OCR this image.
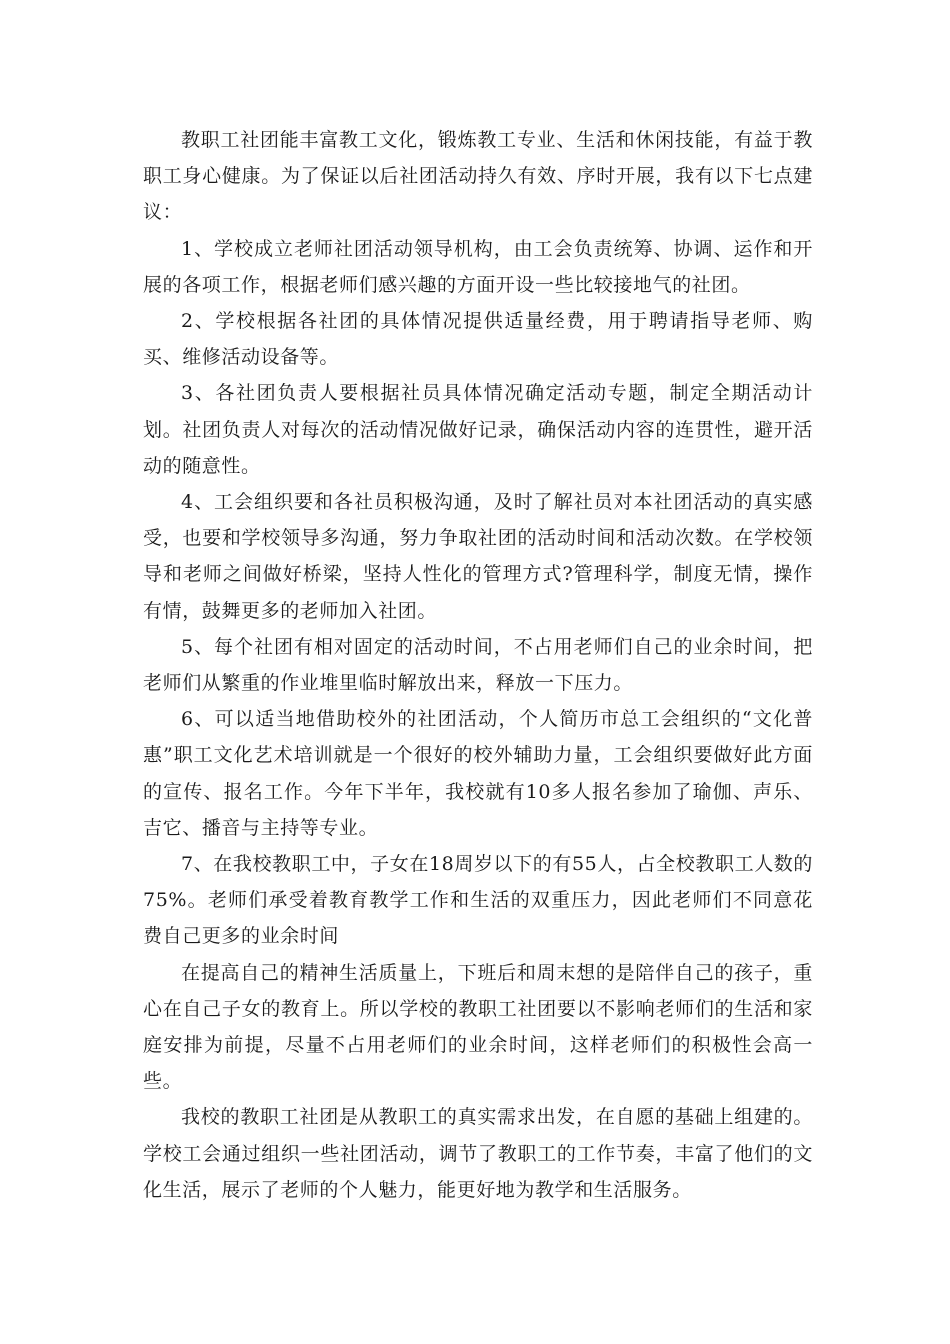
教职工社团能丰富教工文化，锻炼教工专业、生活和休闲技能，有益于教职工身心健康。为了保证以后社团活动持久有效、序时开展，我有以下七点建议：

1、学校成立老师社团活动领导机构，由工会负责统筹、协调、运作和开展的各项工作，根据老师们感兴趣的方面开设一些比较接地气的社团。

2、学校根据各社团的具体情况提供适量经费，用于聘请指导老师、购买、维修活动设备等。

3、各社团负责人要根据社员具体情况确定活动专题，制定全期活动计划。社团负责人对每次的活动情况做好记录，确保活动内容的连贯性，避开活动的随意性。

4、工会组织要和各社员积极沟通，及时了解社员对本社团活动的真实感受，也要和学校领导多沟通，努力争取社团的活动时间和活动次数。在学校领导和老师之间做好桥梁，坚持人性化的管理方式?管理科学，制度无情，操作有情，鼓舞更多的老师加入社团。

5、每个社团有相对固定的活动时间，不占用老师们自己的业余时间，把老师们从繁重的作业堆里临时解放出来，释放一下压力。

6、可以适当地借助校外的社团活动，个人简历市总工会组织的“文化普惠”职工文化艺术培训就是一个很好的校外辅助力量，工会组织要做好此方面的宣传、报名工作。今年下半年，我校就有10多人报名参加了瑜伽、声乐、吉它、播音与主持等专业。

7、在我校教职工中，子女在18周岁以下的有55人，占全校教职工人数的75%。老师们承受着教育教学工作和生活的双重压力，因此老师们不同意花费自己更多的业余时间

在提高自己的精神生活质量上，下班后和周末想的是陪伴自己的孩子，重心在自己子女的教育上。所以学校的教职工社团要以不影响老师们的生活和家庭安排为前提，尽量不占用老师们的业余时间，这样老师们的积极性会高一些。

我校的教职工社团是从教职工的真实需求出发，在自愿的基础上组建的。学校工会通过组织一些社团活动，调节了教职工的工作节奏，丰富了他们的文化生活，展示了老师的个人魅力，能更好地为教学和生活服务。
